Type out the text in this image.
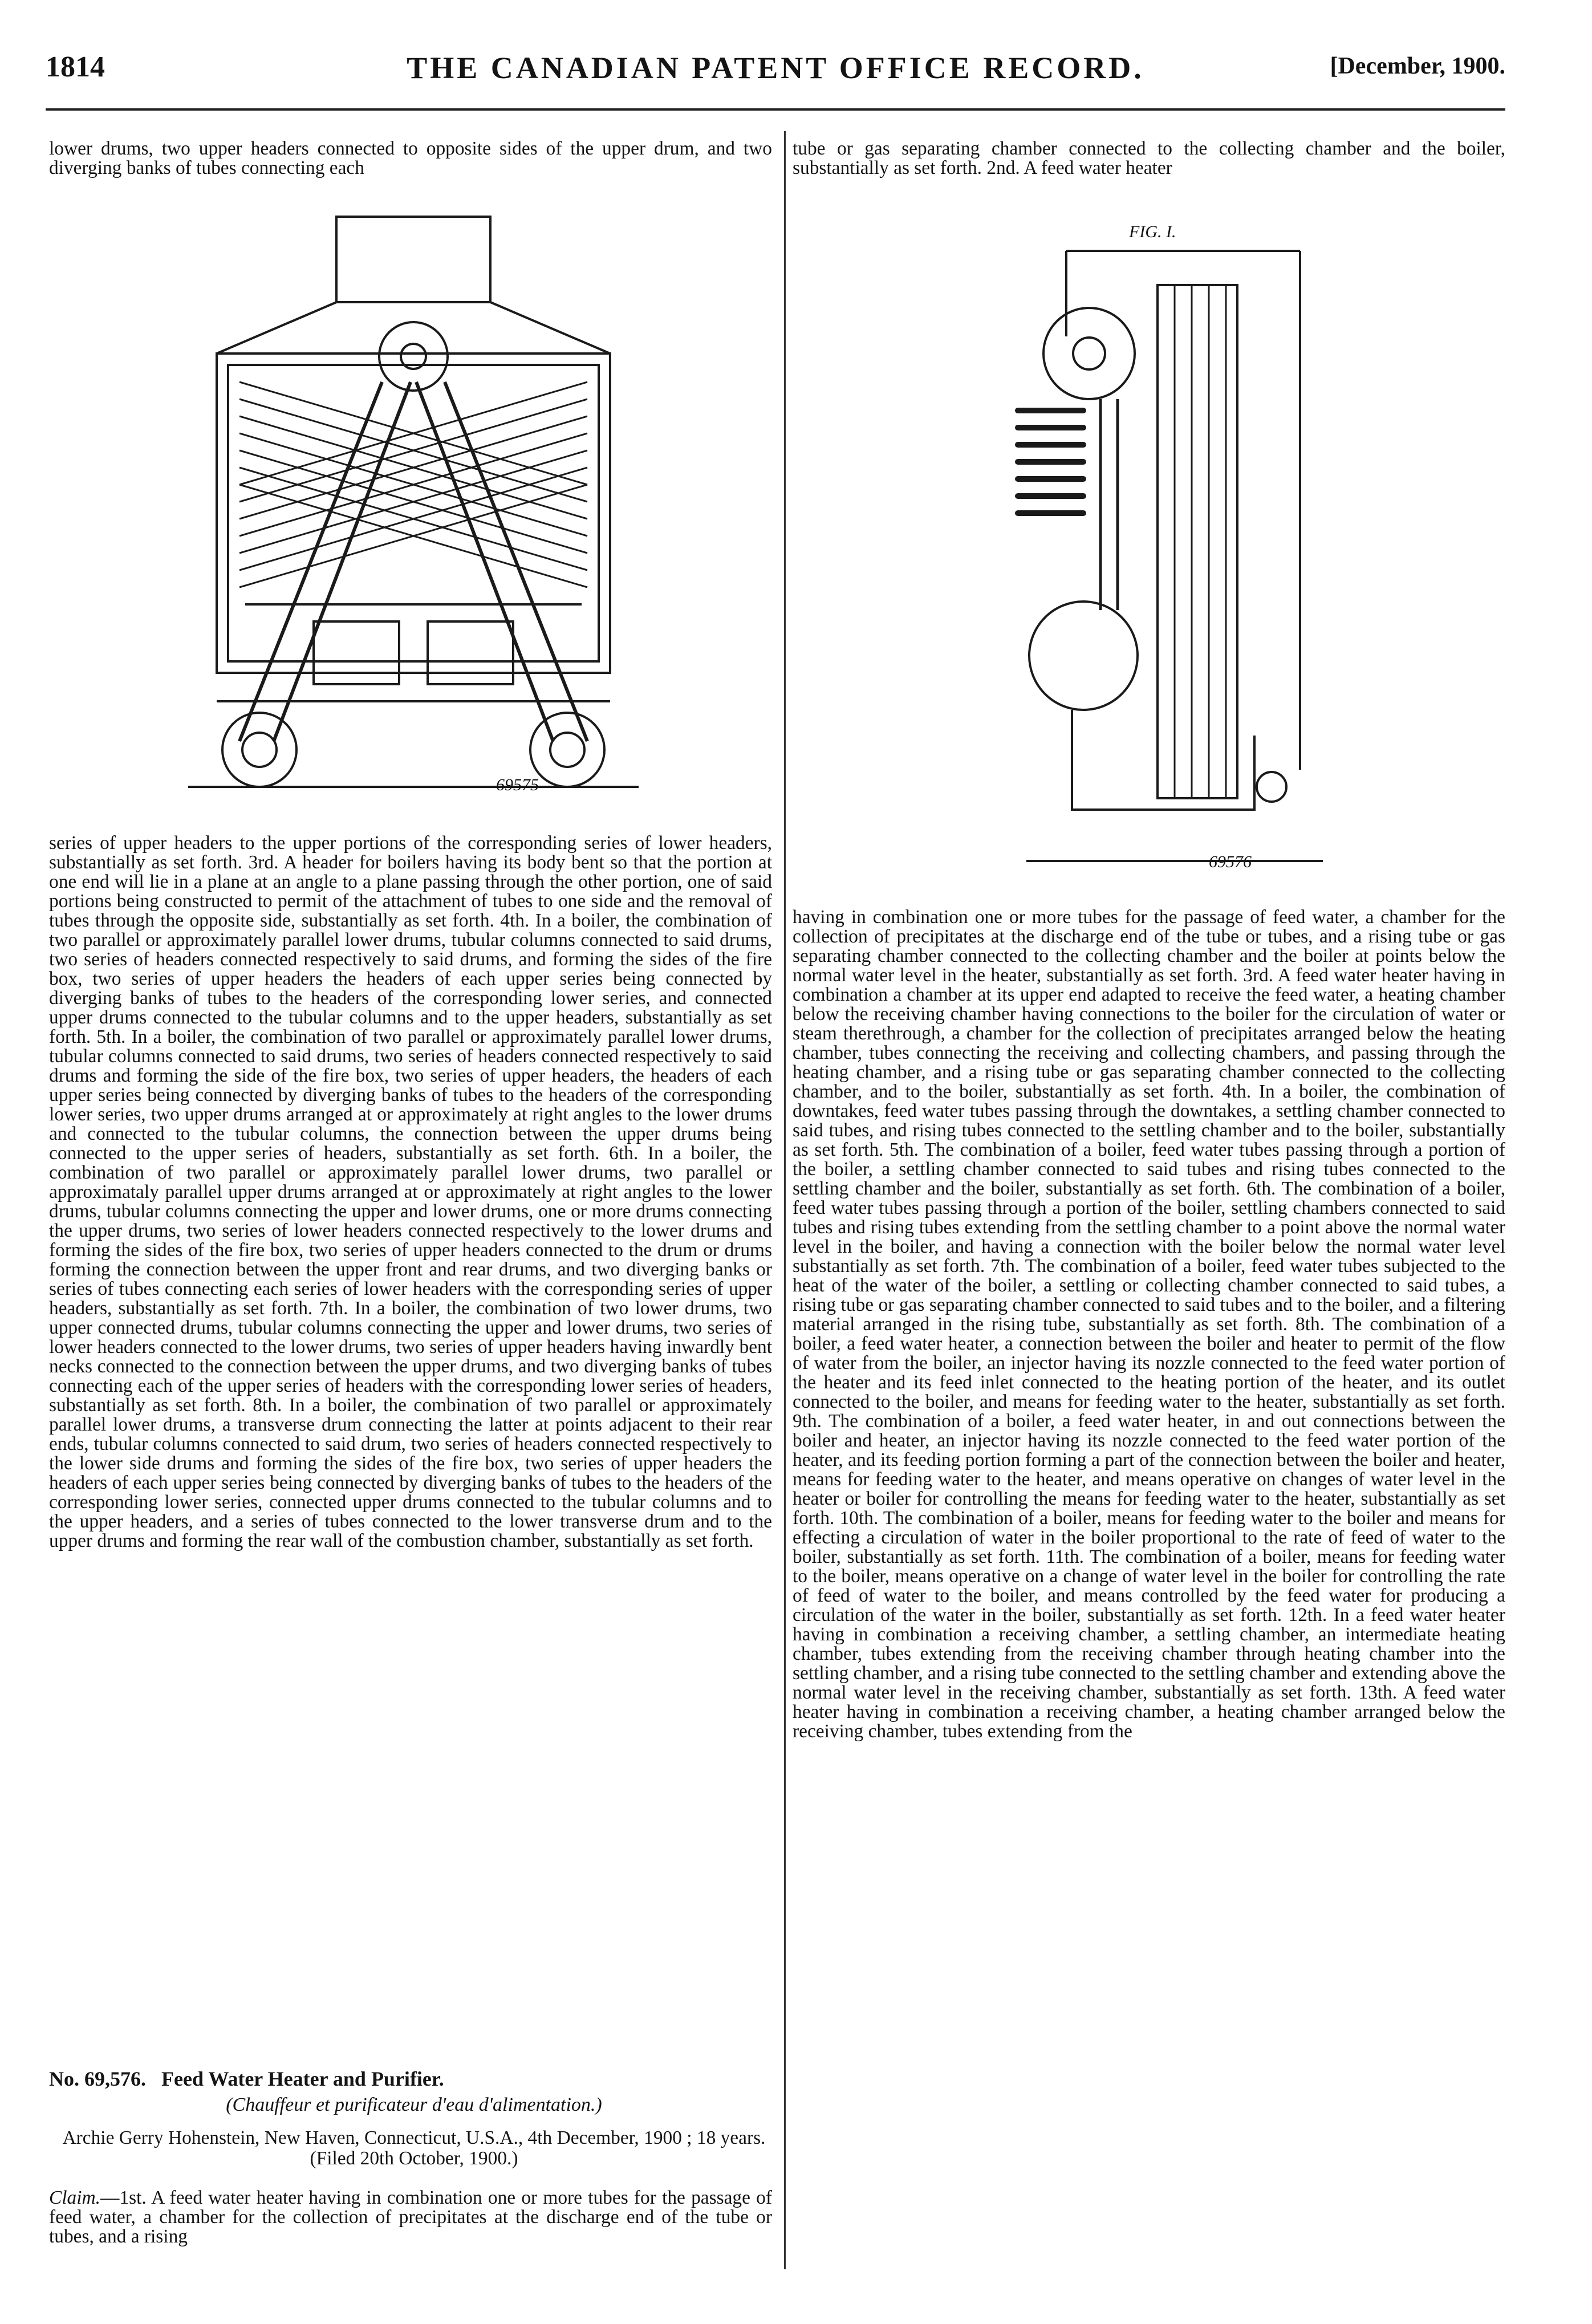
1814	THE CANADIAN PATENT OFFICE RECORD.	[December, 1900.

lower drums, two upper headers connected to opposite sides of the upper drum, and two diverging banks of tubes connecting each

69575

series of upper headers to the upper portions of the corresponding series of lower headers, substantially as set forth. 3rd. A header for boilers having its body bent so that the portion at one end will lie in a plane at an angle to a plane passing through the other portion, one of said portions being constructed to permit of the attachment of tubes to one side and the removal of tubes through the opposite side, substantially as set forth. 4th. In a boiler, the combination of two parallel or approximately parallel lower drums, tubular columns connected to said drums, two series of headers connected respectively to said drums, and forming the sides of the fire box, two series of upper headers the headers of each upper series being connected by diverging banks of tubes to the headers of the corresponding lower series, and connected upper drums connected to the tubular columns and to the upper headers, substantially as set forth. 5th. In a boiler, the combination of two parallel or approximately parallel lower drums, tubular columns connected to said drums, two series of headers connected respectively to said drums and forming the side of the fire box, two series of upper headers, the headers of each upper series being connected by diverging banks of tubes to the headers of the corresponding lower series, two upper drums arranged at or approximately at right angles to the lower drums and connected to the tubular columns, the connection between the upper drums being connected to the upper series of headers, substantially as set forth. 6th. In a boiler, the combination of two parallel or approximately parallel lower drums, two parallel or approximataly parallel upper drums arranged at or approximately at right angles to the lower drums, tubular columns connecting the upper and lower drums, one or more drums connecting the upper drums, two series of lower headers connected respectively to the lower drums and forming the sides of the fire box, two series of upper headers connected to the drum or drums forming the connection between the upper front and rear drums, and two diverging banks or series of tubes connecting each series of lower headers with the corresponding series of upper headers, substantially as set forth. 7th. In a boiler, the combination of two lower drums, two upper connected drums, tubular columns connecting the upper and lower drums, two series of lower headers connected to the lower drums, two series of upper headers having inwardly bent necks connected to the connection between the upper drums, and two diverging banks of tubes connecting each of the upper series of headers with the corresponding lower series of headers, substantially as set forth. 8th. In a boiler, the combination of two parallel or approximately parallel lower drums, a transverse drum connecting the latter at points adjacent to their rear ends, tubular columns connected to said drum, two series of headers connected respectively to the lower side drums and forming the sides of the fire box, two series of upper headers the headers of each upper series being connected by diverging banks of tubes to the headers of the corresponding lower series, connected upper drums connected to the tubular columns and to the upper headers, and a series of tubes connected to the lower transverse drum and to the upper drums and forming the rear wall of the combustion chamber, substantially as set forth.

No. 69,576. Feed Water Heater and Purifier.
(Chauffeur et purificateur d'eau d'alimentation.)
Archie Gerry Hohenstein, New Haven, Connecticut, U.S.A., 4th December, 1900 ; 18 years. (Filed 20th October, 1900.)

Claim.—1st. A feed water heater having in combination one or more tubes for the passage of feed water, a chamber for the collection of precipitates at the discharge end of the tube or tubes, and a rising

tube or gas separating chamber connected to the collecting chamber and the boiler, substantially as set forth. 2nd. A feed water heater

FIG. I.
69576

having in combination one or more tubes for the passage of feed water, a chamber for the collection of precipitates at the discharge end of the tube or tubes, and a rising tube or gas separating chamber connected to the collecting chamber and the boiler at points below the normal water level in the heater, substantially as set forth. 3rd. A feed water heater having in combination a chamber at its upper end adapted to receive the feed water, a heating chamber below the receiving chamber having connections to the boiler for the circulation of water or steam therethrough, a chamber for the collection of precipitates arranged below the heating chamber, tubes connecting the receiving and collecting chambers, and passing through the heating chamber, and a rising tube or gas separating chamber connected to the collecting chamber, and to the boiler, substantially as set forth. 4th. In a boiler, the combination of downtakes, feed water tubes passing through the downtakes, a settling chamber connected to said tubes, and rising tubes connected to the settling chamber and to the boiler, substantially as set forth. 5th. The combination of a boiler, feed water tubes passing through a portion of the boiler, a settling chamber connected to said tubes and rising tubes connected to the settling chamber and the boiler, substantially as set forth. 6th. The combination of a boiler, feed water tubes passing through a portion of the boiler, settling chambers connected to said tubes and rising tubes extending from the settling chamber to a point above the normal water level in the boiler, and having a connection with the boiler below the normal water level substantially as set forth. 7th. The combination of a boiler, feed water tubes subjected to the heat of the water of the boiler, a settling or collecting chamber connected to said tubes, a rising tube or gas separating chamber connected to said tubes and to the boiler, and a filtering material arranged in the rising tube, substantially as set forth. 8th. The combination of a boiler, a feed water heater, a connection between the boiler and heater to permit of the flow of water from the boiler, an injector having its nozzle connected to the feed water portion of the heater and its feed inlet connected to the heating portion of the heater, and its outlet connected to the boiler, and means for feeding water to the heater, substantially as set forth. 9th. The combination of a boiler, a feed water heater, in and out connections between the boiler and heater, an injector having its nozzle connected to the feed water portion of the heater, and its feeding portion forming a part of the connection between the boiler and heater, means for feeding water to the heater, and means operative on changes of water level in the heater or boiler for controlling the means for feeding water to the heater, substantially as set forth. 10th. The combination of a boiler, means for feeding water to the boiler and means for effecting a circulation of water in the boiler proportional to the rate of feed of water to the boiler, substantially as set forth. 11th. The combination of a boiler, means for feeding water to the boiler, means operative on a change of water level in the boiler for controlling the rate of feed of water to the boiler, and means controlled by the feed water for producing a circulation of the water in the boiler, substantially as set forth. 12th. In a feed water heater having in combination a receiving chamber, a settling chamber, an intermediate heating chamber, tubes extending from the receiving chamber through heating chamber into the settling chamber, and a rising tube connected to the settling chamber and extending above the normal water level in the receiving chamber, substantially as set forth. 13th. A feed water heater having in combination a receiving chamber, a heating chamber arranged below the receiving chamber, tubes extending from the
